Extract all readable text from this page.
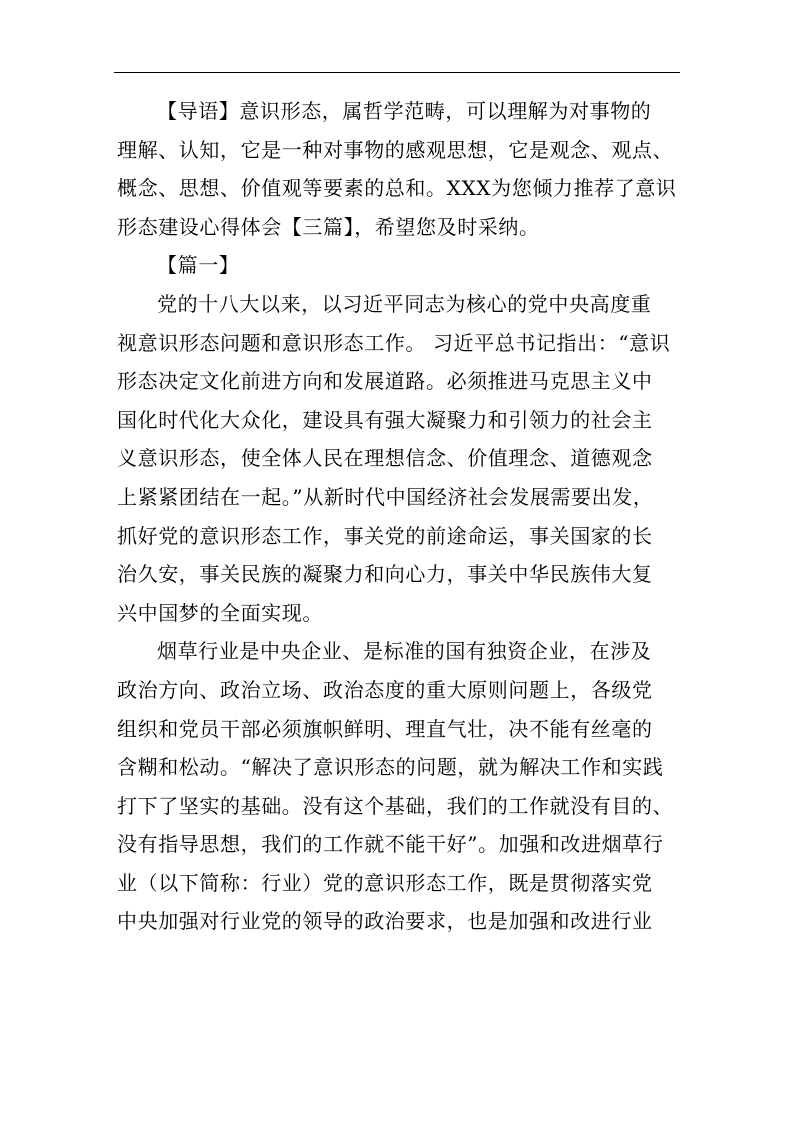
【导语】意识形态，属哲学范畴，可以理解为对事物的
理解、认知，它是一种对事物的感观思想，它是观念、观点、
概念、思想、价值观等要素的总和。XXX为您倾力推荐了意识
形态建设心得体会【三篇】，希望您及时采纳。
【篇一】
党的十八大以来，以习近平同志为核心的党中央高度重
视意识形态问题和意识形态工作。 习近平总书记指出：“意识
形态决定文化前进方向和发展道路。必须推进马克思主义中
国化时代化大众化，建设具有强大凝聚力和引领力的社会主
义意识形态，使全体人民在理想信念、价值理念、道德观念
上紧紧团结在一起。”从新时代中国经济社会发展需要出发，
抓好党的意识形态工作，事关党的前途命运，事关国家的长
治久安，事关民族的凝聚力和向心力，事关中华民族伟大复
兴中国梦的全面实现。
烟草行业是中央企业、是标准的国有独资企业，在涉及
政治方向、政治立场、政治态度的重大原则问题上，各级党
组织和党员干部必须旗帜鲜明、理直气壮，决不能有丝毫的
含糊和松动。“解决了意识形态的问题，就为解决工作和实践
打下了坚实的基础。没有这个基础，我们的工作就没有目的、
没有指导思想，我们的工作就不能干好”。加强和改进烟草行
业（以下简称：行业）党的意识形态工作，既是贯彻落实党
中央加强对行业党的领导的政治要求，也是加强和改进行业
